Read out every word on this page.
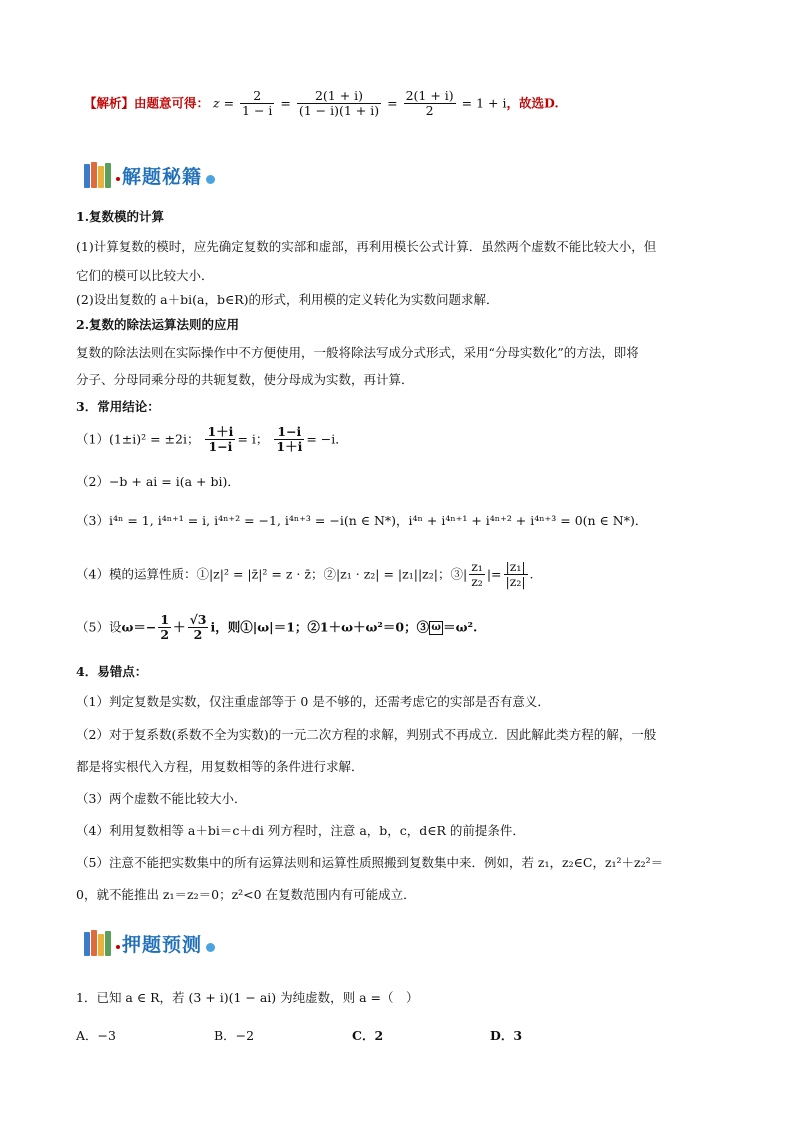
【解析】由题意可得： $z = \frac{2}{1 - i} = \frac{2(1 + i)}{(1 - i)(1 + i)} = \frac{2(1 + i)}{2} = 1 + i$，故选D.
解题秘籍
1.复数模的计算
(1)计算复数的模时，应先确定复数的实部和虚部，再利用模长公式计算．虽然两个虚数不能比较大小，但
它们的模可以比较大小．
(2)设出复数的 a＋bi(a，b∈R)的形式，利用模的定义转化为实数问题求解．
2.复数的除法运算法则的应用
复数的除法法则在实际操作中不方便使用，一般将除法写成分式形式，采用“分母实数化”的方法，即将
分子、分母同乘分母的共轭复数，使分母成为实数，再计算．
3．常用结论：
（1）(1±i)² = ±2i； $\frac{1+i}{1-i} = i$； $\frac{1-i}{1+i} = -i$．
（2）−b + ai = i(a + bi)．
（3）i⁴ⁿ = 1, i⁴ⁿ⁺¹ = i, i⁴ⁿ⁺² = −1, i⁴ⁿ⁺³ = −i(n ∈ N*)，i⁴ⁿ + i⁴ⁿ⁺¹ + i⁴ⁿ⁺² + i⁴ⁿ⁺³ = 0(n ∈ N*)．
（4）模的运算性质：①|z|² = |z̄|² = z · z̄；②|z₁ · z₂| = |z₁||z₂|；③| $\frac{\text{z₁}}{\text{z₂}}$ |= $\frac{\text{|z₁|}}{\text{|z₂|}}$ .
（5）设$\omega=- \frac{1}{2} + \frac{√3}{2}$ i，则①|ω|＝1；②1＋ω＋ω²＝0；③ ω ＝ω².
4．易错点：
（1）判定复数是实数，仅注重虚部等于 0 是不够的，还需考虑它的实部是否有意义．
（2）对于复系数(系数不全为实数)的一元二次方程的求解，判别式不再成立．因此解此类方程的解，一般
都是将实根代入方程，用复数相等的条件进行求解．
（3）两个虚数不能比较大小．
（4）利用复数相等 a＋bi＝c＋di 列方程时，注意 a，b，c，d∈R 的前提条件．
（5）注意不能把实数集中的所有运算法则和运算性质照搬到复数集中来．例如，若 z₁，z₂∈C，z₁²＋z₂²＝
0，就不能推出 z₁＝z₂＝0；z²<0 在复数范围内有可能成立．
押题预测
1．已知 a ∈ R，若 (3 + i)(1 − ai) 为纯虚数，则 a =（　）
A．−3	B．−2	C．2	D．3
